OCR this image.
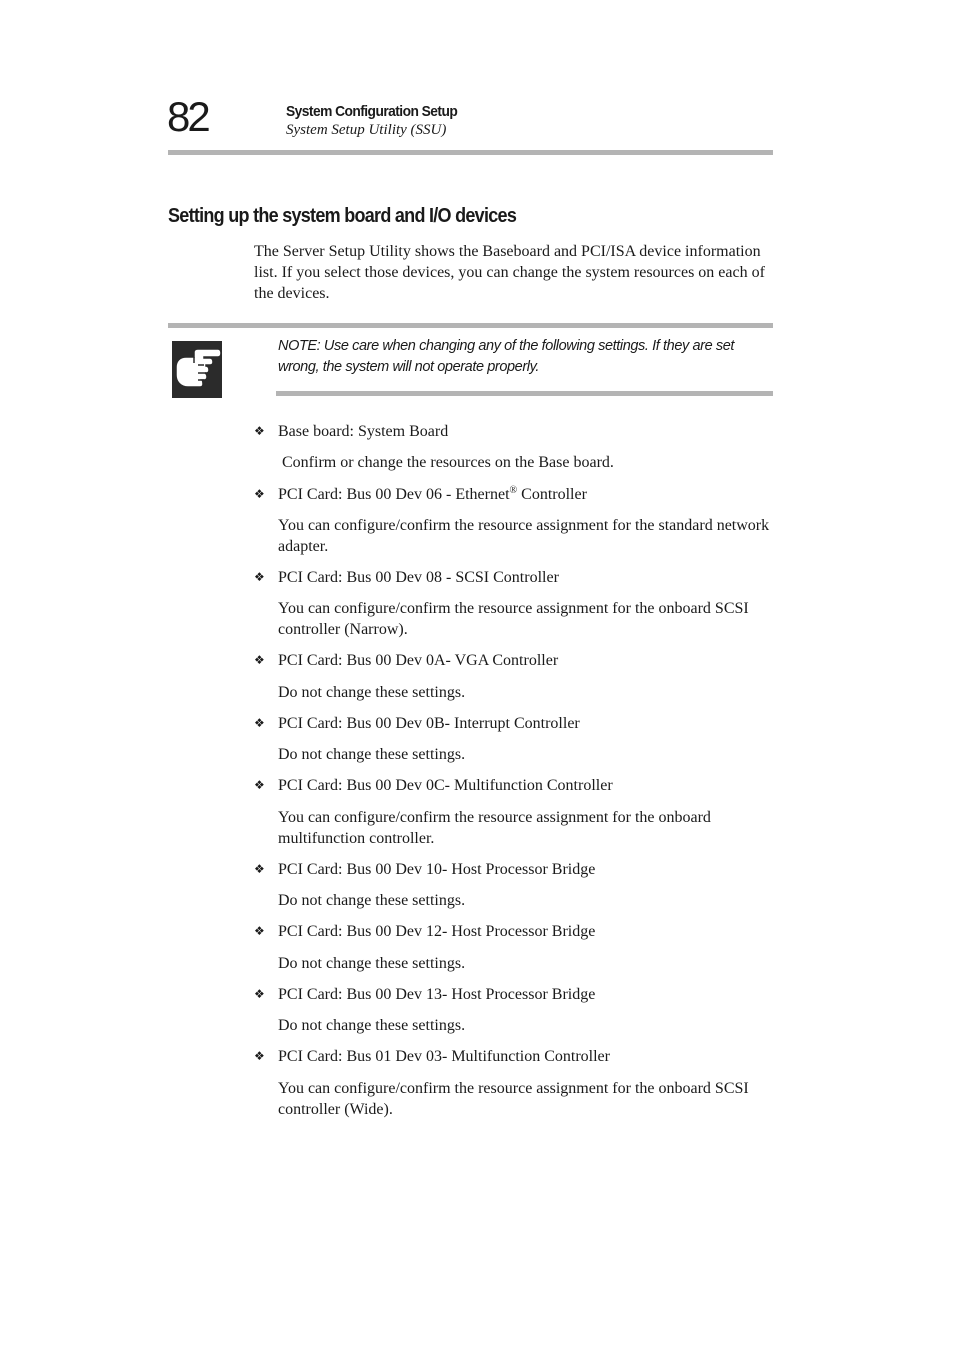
82	System Configuration Setup
System Setup Utility (SSU)
Setting up the system board and I/O devices
The Server Setup Utility shows the Baseboard and PCI/ISA device information list. If you select those devices, you can change the system resources on each of the devices.
NOTE: Use care when changing any of the following settings. If they are set wrong, the system will not operate properly.
❖ Base board: System Board
Confirm or change the resources on the Base board.
❖ PCI Card: Bus 00 Dev 06 - Ethernet® Controller
You can configure/confirm the resource assignment for the standard network adapter.
❖ PCI Card: Bus 00 Dev 08 - SCSI Controller
You can configure/confirm the resource assignment for the onboard SCSI controller (Narrow).
❖ PCI Card: Bus 00 Dev 0A- VGA Controller
Do not change these settings.
❖ PCI Card: Bus 00 Dev 0B- Interrupt Controller
Do not change these settings.
❖ PCI Card: Bus 00 Dev 0C- Multifunction Controller
You can configure/confirm the resource assignment for the onboard multifunction controller.
❖ PCI Card: Bus 00 Dev 10- Host Processor Bridge
Do not change these settings.
❖ PCI Card: Bus 00 Dev 12- Host Processor Bridge
Do not change these settings.
❖ PCI Card: Bus 00 Dev 13- Host Processor Bridge
Do not change these settings.
❖ PCI Card: Bus 01 Dev 03- Multifunction Controller
You can configure/confirm the resource assignment for the onboard SCSI controller (Wide).
